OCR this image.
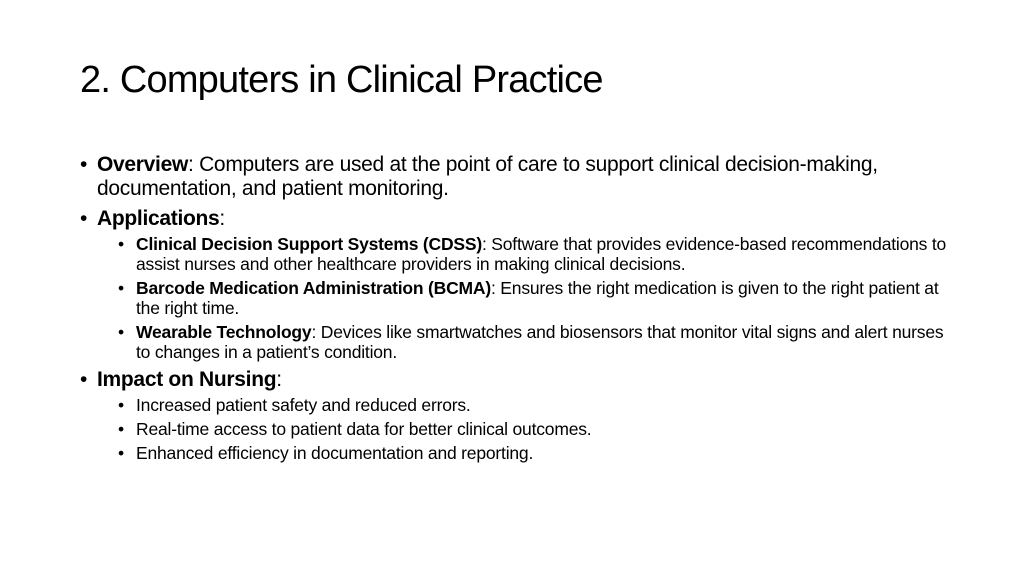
2. Computers in Clinical Practice
• Overview: Computers are used at the point of care to support clinical decision-making, documentation, and patient monitoring.
• Applications:
• Clinical Decision Support Systems (CDSS): Software that provides evidence-based recommendations to assist nurses and other healthcare providers in making clinical decisions.
• Barcode Medication Administration (BCMA): Ensures the right medication is given to the right patient at the right time.
• Wearable Technology: Devices like smartwatches and biosensors that monitor vital signs and alert nurses to changes in a patient’s condition.
• Impact on Nursing:
• Increased patient safety and reduced errors.
• Real-time access to patient data for better clinical outcomes.
• Enhanced efficiency in documentation and reporting.
